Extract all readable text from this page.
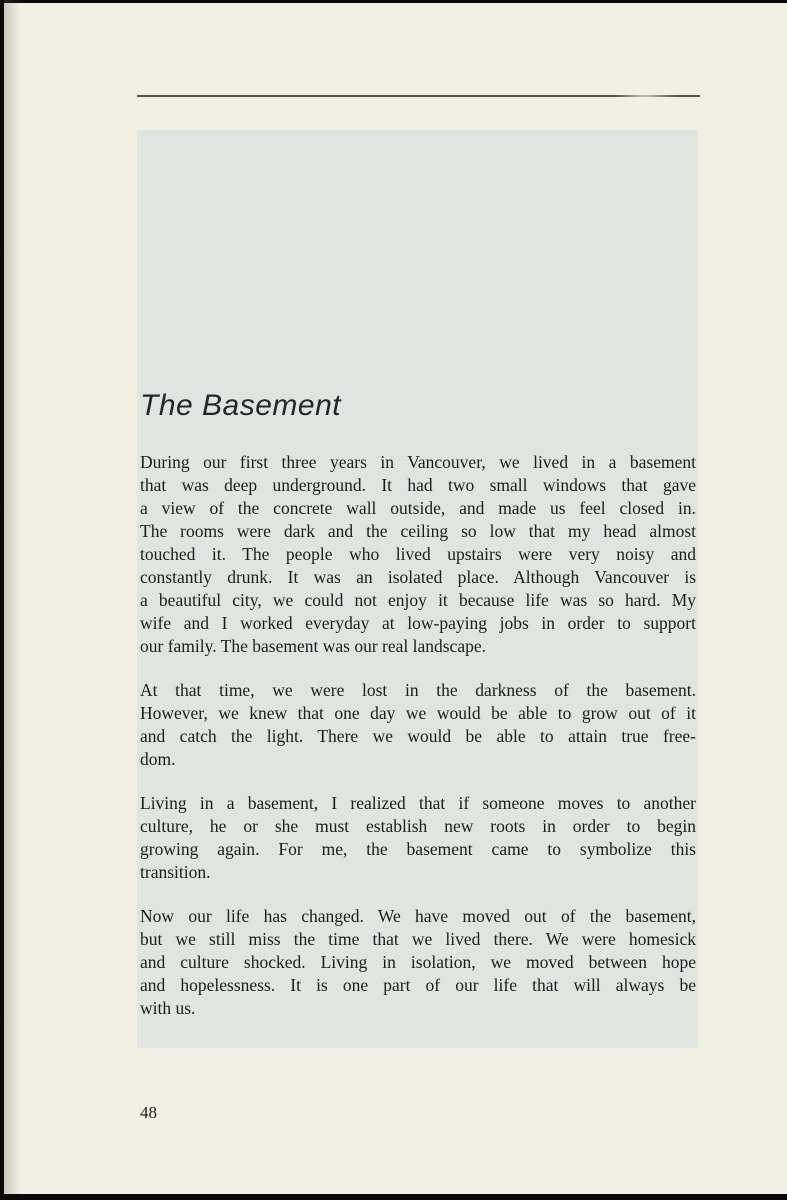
The Basement

During our first three years in Vancouver, we lived in a basement
that was deep underground. It had two small windows that gave
a view of the concrete wall outside, and made us feel closed in.
The rooms were dark and the ceiling so low that my head almost
touched it. The people who lived upstairs were very noisy and
constantly drunk. It was an isolated place. Although Vancouver is
a beautiful city, we could not enjoy it because life was so hard. My
wife and I worked everyday at low-paying jobs in order to support
our family. The basement was our real landscape.

At that time, we were lost in the darkness of the basement.
However, we knew that one day we would be able to grow out of it
and catch the light. There we would be able to attain true free-
dom.

Living in a basement, I realized that if someone moves to another
culture, he or she must establish new roots in order to begin
growing again. For me, the basement came to symbolize this
transition.

Now our life has changed. We have moved out of the basement,
but we still miss the time that we lived there. We were homesick
and culture shocked. Living in isolation, we moved between hope
and hopelessness. It is one part of our life that will always be
with us.

48
